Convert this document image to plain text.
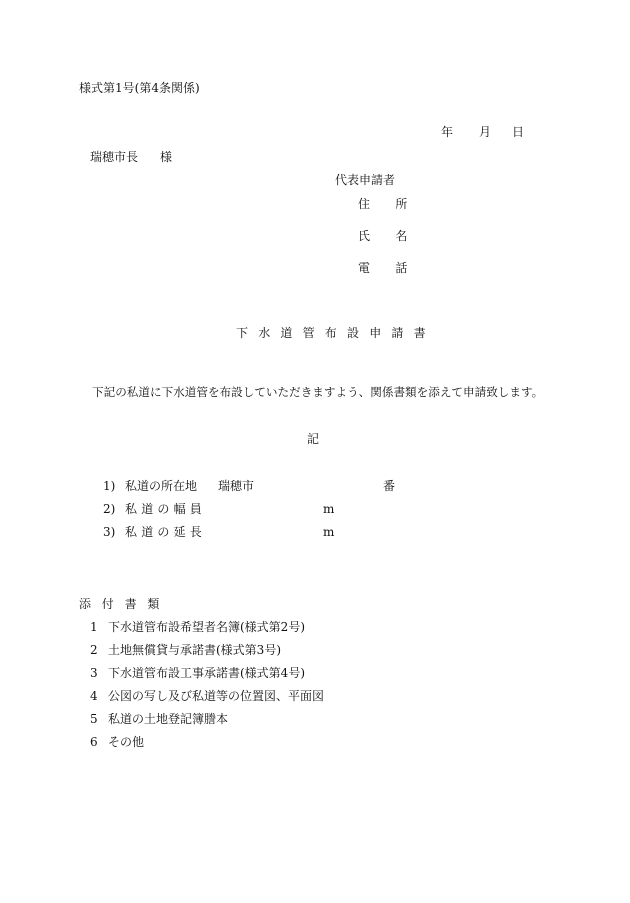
様式第1号(第4条関係)
年 月 日
瑞穂市長 様
代表申請者
住 所
氏 名
電 話
下水道管布設申請書
下記の私道に下水道管を布設していただきますよう、関係書類を添えて申請致します。
記
1) 私道の所在地 瑞穂市	番
2) 私道の幅員	m
3) 私道の延長	m
添付書類
1 下水道管布設希望者名簿(様式第2号)
2 土地無償貸与承諾書(様式第3号)
3 下水道管布設工事承諾書(様式第4号)
4 公図の写し及び私道等の位置図、平面図
5 私道の土地登記簿謄本
6 その他
